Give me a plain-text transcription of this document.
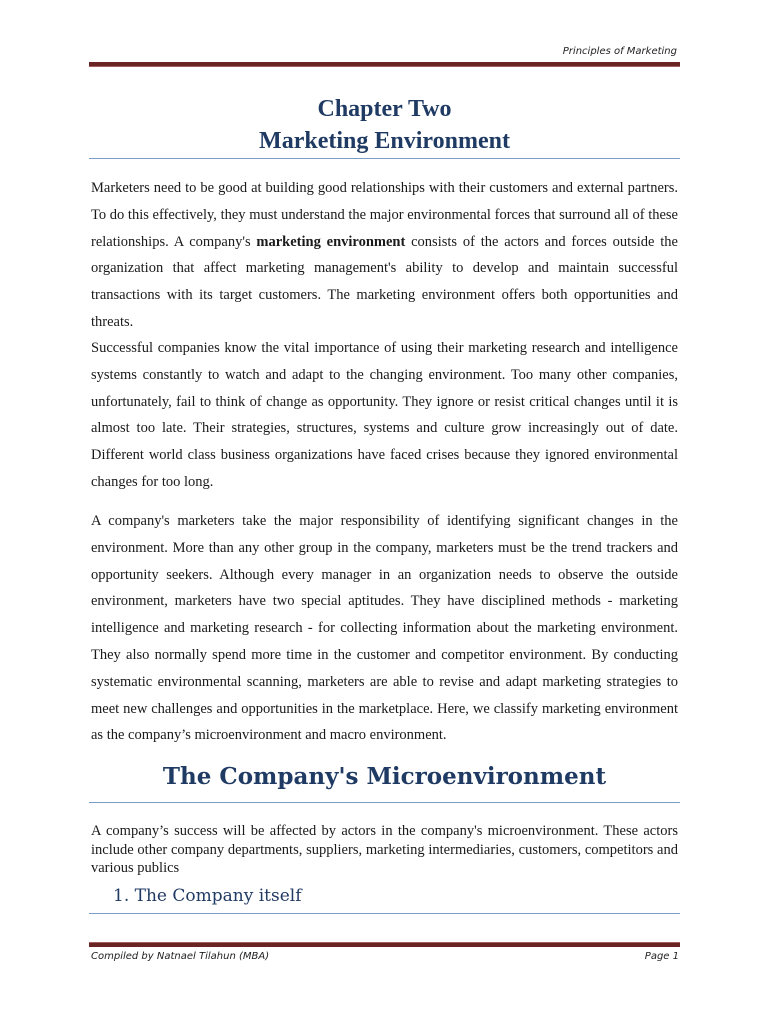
Principles of Marketing
Chapter Two
Marketing Environment

Marketers need to be good at building good relationships with their customers and external partners. To do this effectively, they must understand the major environmental forces that surround all of these relationships. A company's marketing environment consists of the actors and forces outside the organization that affect marketing management's ability to develop and maintain successful transactions with its target customers. The marketing environment offers both opportunities and threats.

Successful companies know the vital importance of using their marketing research and intelligence systems constantly to watch and adapt to the changing environment. Too many other companies, unfortunately, fail to think of change as opportunity. They ignore or resist critical changes until it is almost too late. Their strategies, structures, systems and culture grow increasingly out of date. Different world class business organizations have faced crises because they ignored environmental changes for too long.

A company's marketers take the major responsibility of identifying significant changes in the environment. More than any other group in the company, marketers must be the trend trackers and opportunity seekers. Although every manager in an organization needs to observe the outside environment, marketers have two special aptitudes. They have disciplined methods - marketing intelligence and marketing research - for collecting information about the marketing environment. They also normally spend more time in the customer and competitor environment. By conducting systematic environmental scanning, marketers are able to revise and adapt marketing strategies to meet new challenges and opportunities in the marketplace. Here, we classify marketing environment as the company’s microenvironment and macro environment.

The Company's Microenvironment

A company’s success will be affected by actors in the company's microenvironment. These actors include other company departments, suppliers, marketing intermediaries, customers, competitors and various publics

1. The Company itself
Compiled by Natnael Tilahun (MBA)	Page 1
